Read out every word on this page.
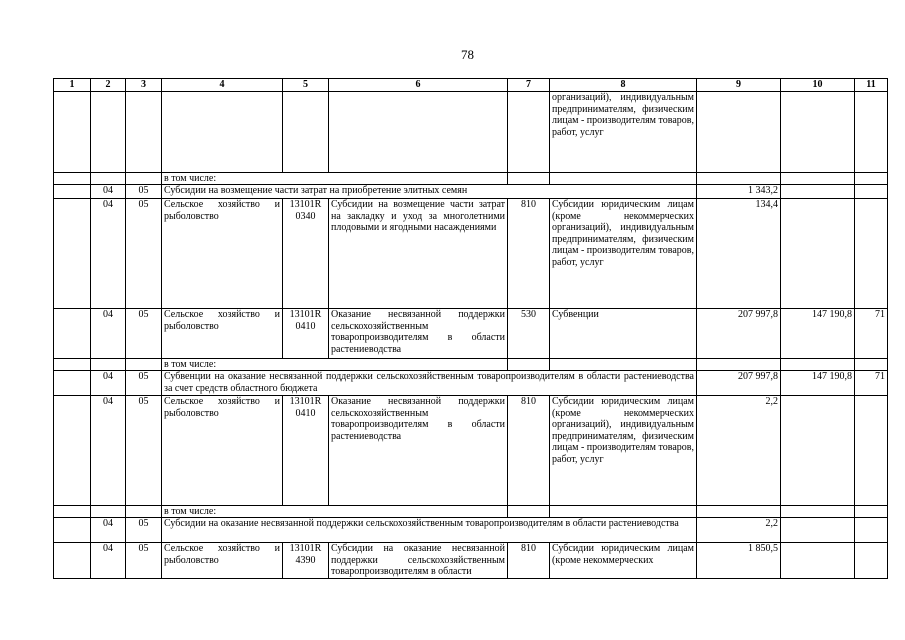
78
1	2	3	4	5	6	7	8	9	10	11
							организаций), индивидуальным предпринимателям, физическим лицам - производителям товаров, работ, услуг			
			в том числе:							
	04	05	Субсидии на возмещение части затрат на приобретение элитных семян					1 343,2		
	04	05	Сельское хозяйство и рыболовство	13101R 0340	Субсидии на возмещение части затрат на закладку и уход за многолетними плодовыми и ягодными насаждениями	810	Субсидии юридическим лицам (кроме некоммерческих организаций), индивидуальным предпринимателям, физическим лицам - производителям товаров, работ, услуг	134,4		
	04	05	Сельское хозяйство и рыболовство	13101R 0410	Оказание несвязанной поддержки сельскохозяйственным товаропроизводителям в области растениеводства	530	Субвенции	207 997,8	147 190,8	71
			в том числе:							
	04	05	Субвенции на оказание несвязанной поддержки сельскохозяйственным товаропроизводителям в области растениеводства за счет средств областного бюджета					207 997,8	147 190,8	71
	04	05	Сельское хозяйство и рыболовство	13101R 0410	Оказание несвязанной поддержки сельскохозяйственным товаропроизводителям в области растениеводства	810	Субсидии юридическим лицам (кроме некоммерческих организаций), индивидуальным предпринимателям, физическим лицам - производителям товаров, работ, услуг	2,2		
			в том числе:							
	04	05	Субсидии на оказание несвязанной поддержки сельскохозяйственным товаропроизводителям в области растениеводства					2,2		
	04	05	Сельское хозяйство и рыболовство	13101R 4390	Субсидии на оказание несвязанной поддержки сельскохозяйственным товаропроизводителям в области	810	Субсидии юридическим лицам (кроме некоммерческих	1 850,5		
